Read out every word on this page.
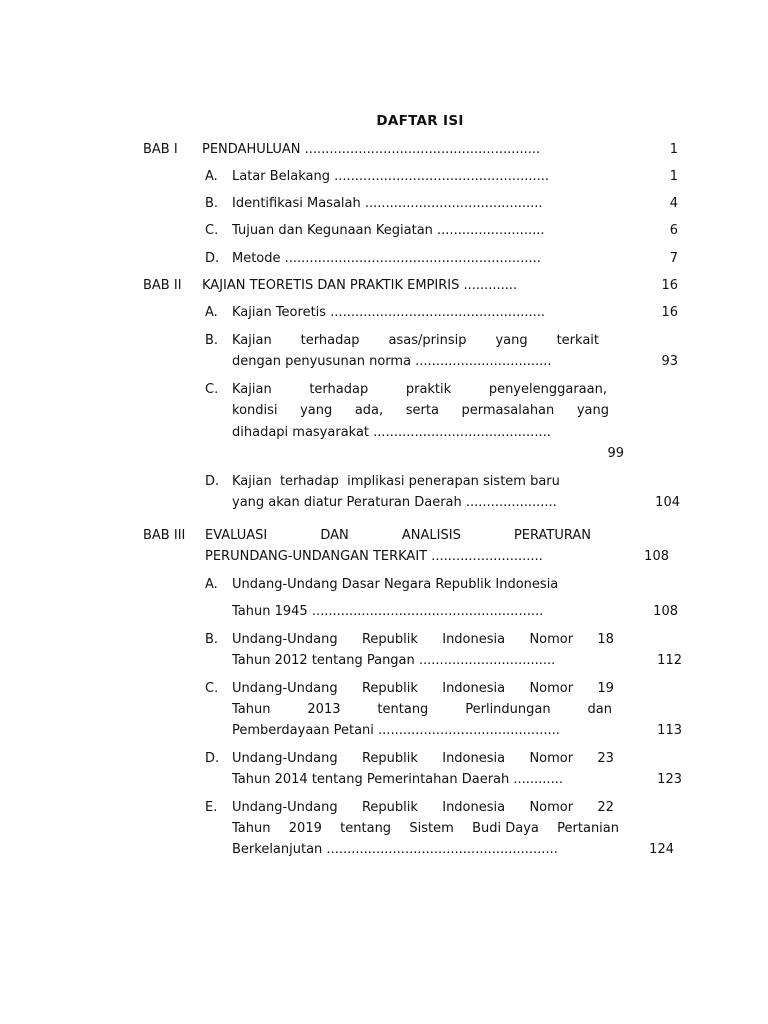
DAFTAR ISI
BAB I PENDAHULUAN .........................................................	1
A. Latar Belakang ....................................................	1
B. Identifikasi Masalah ...........................................	4
C. Tujuan dan Kegunaan Kegiatan ..........................	6
D. Metode ..............................................................	7
BAB II KAJIAN TEORETIS DAN PRAKTIK EMPIRIS .............	16
A. Kajian Teoretis ....................................................	16
B. Kajian terhadap asas/prinsip yang terkait
dengan penyusunan norma .................................	93
C. Kajian	terhadap	praktik	penyelenggaraan,
kondisi yang ada, serta permasalahan yang
dihadapi masyarakat ...........................................
99
D. Kajian  terhadap  implikasi penerapan sistem baru
yang akan diatur Peraturan Daerah ......................	104
BAB III EVALUASI	DAN	ANALISIS	PERATURAN
PERUNDANG-UNDANGAN TERKAIT ...........................	108
A. Undang-Undang Dasar Negara Republik Indonesia
Tahun 1945 ........................................................	108
B. Undang-Undang Republik Indonesia Nomor 18
Tahun 2012 tentang Pangan .................................	112
C. Undang-Undang Republik Indonesia Nomor 19
Tahun	2013	tentang	Perlindungan	dan
Pemberdayaan Petani ............................................	113
D. Undang-Undang Republik Indonesia Nomor 23
Tahun 2014 tentang Pemerintahan Daerah ............	123
E. Undang-Undang Republik Indonesia Nomor 22
Tahun 2019 tentang Sistem Budi Daya Pertanian
Berkelanjutan ........................................................	124
